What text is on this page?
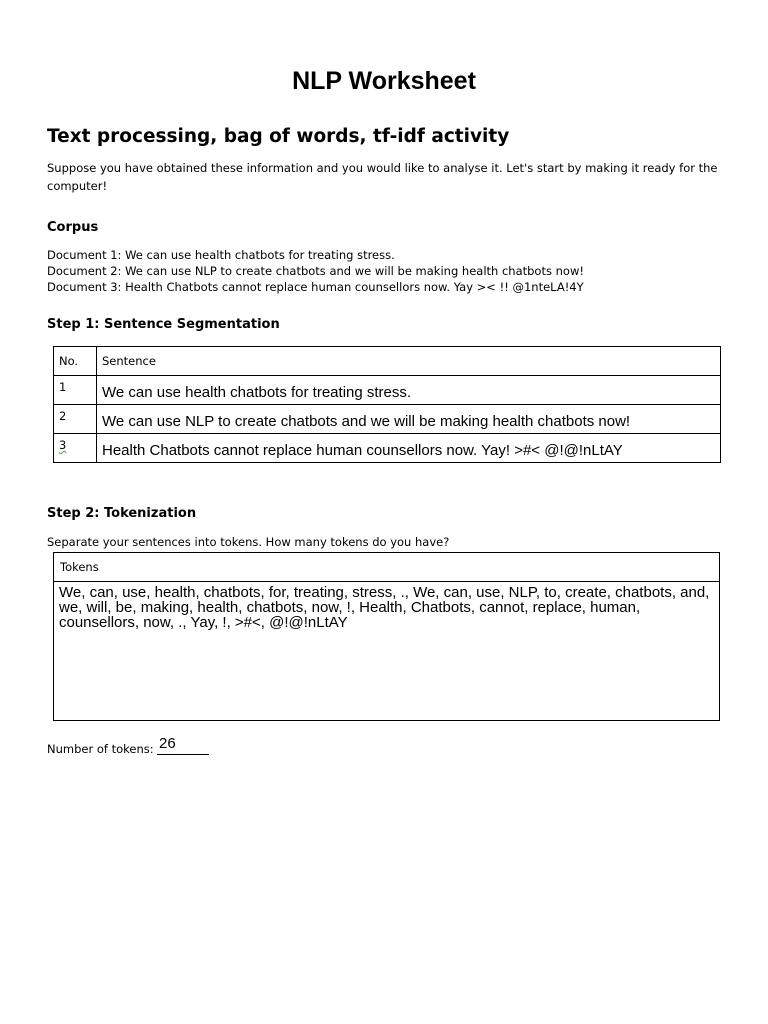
NLP Worksheet
Text processing, bag of words, tf-idf activity
Suppose you have obtained these information and you would like to analyse it. Let's start by making it ready for the computer!
Corpus
Document 1: We can use health chatbots for treating stress.
Document 2: We can use NLP to create chatbots and we will be making health chatbots now!
Document 3: Health Chatbots cannot replace human counsellors now. Yay >< !! @1nteLA!4Y
Step 1: Sentence Segmentation
No.	Sentence

1	We can use health chatbots for treating stress.

2	We can use NLP to create chatbots and we will be making health chatbots now!

3	Health Chatbots cannot replace human counsellors now. Yay! >#< @!@!nLtAY
Step 2: Tokenization
Separate your sentences into tokens. How many tokens do you have?
Tokens
We, can, use, health, chatbots, for, treating, stress, ., We, can, use, NLP, to, create, chatbots, and, we, will, be, making, health, chatbots, now, !, Health, Chatbots, cannot, replace, human, counsellors, now, ., Yay, !, >#<, @!@!nLtAY
Number of tokens: 26
